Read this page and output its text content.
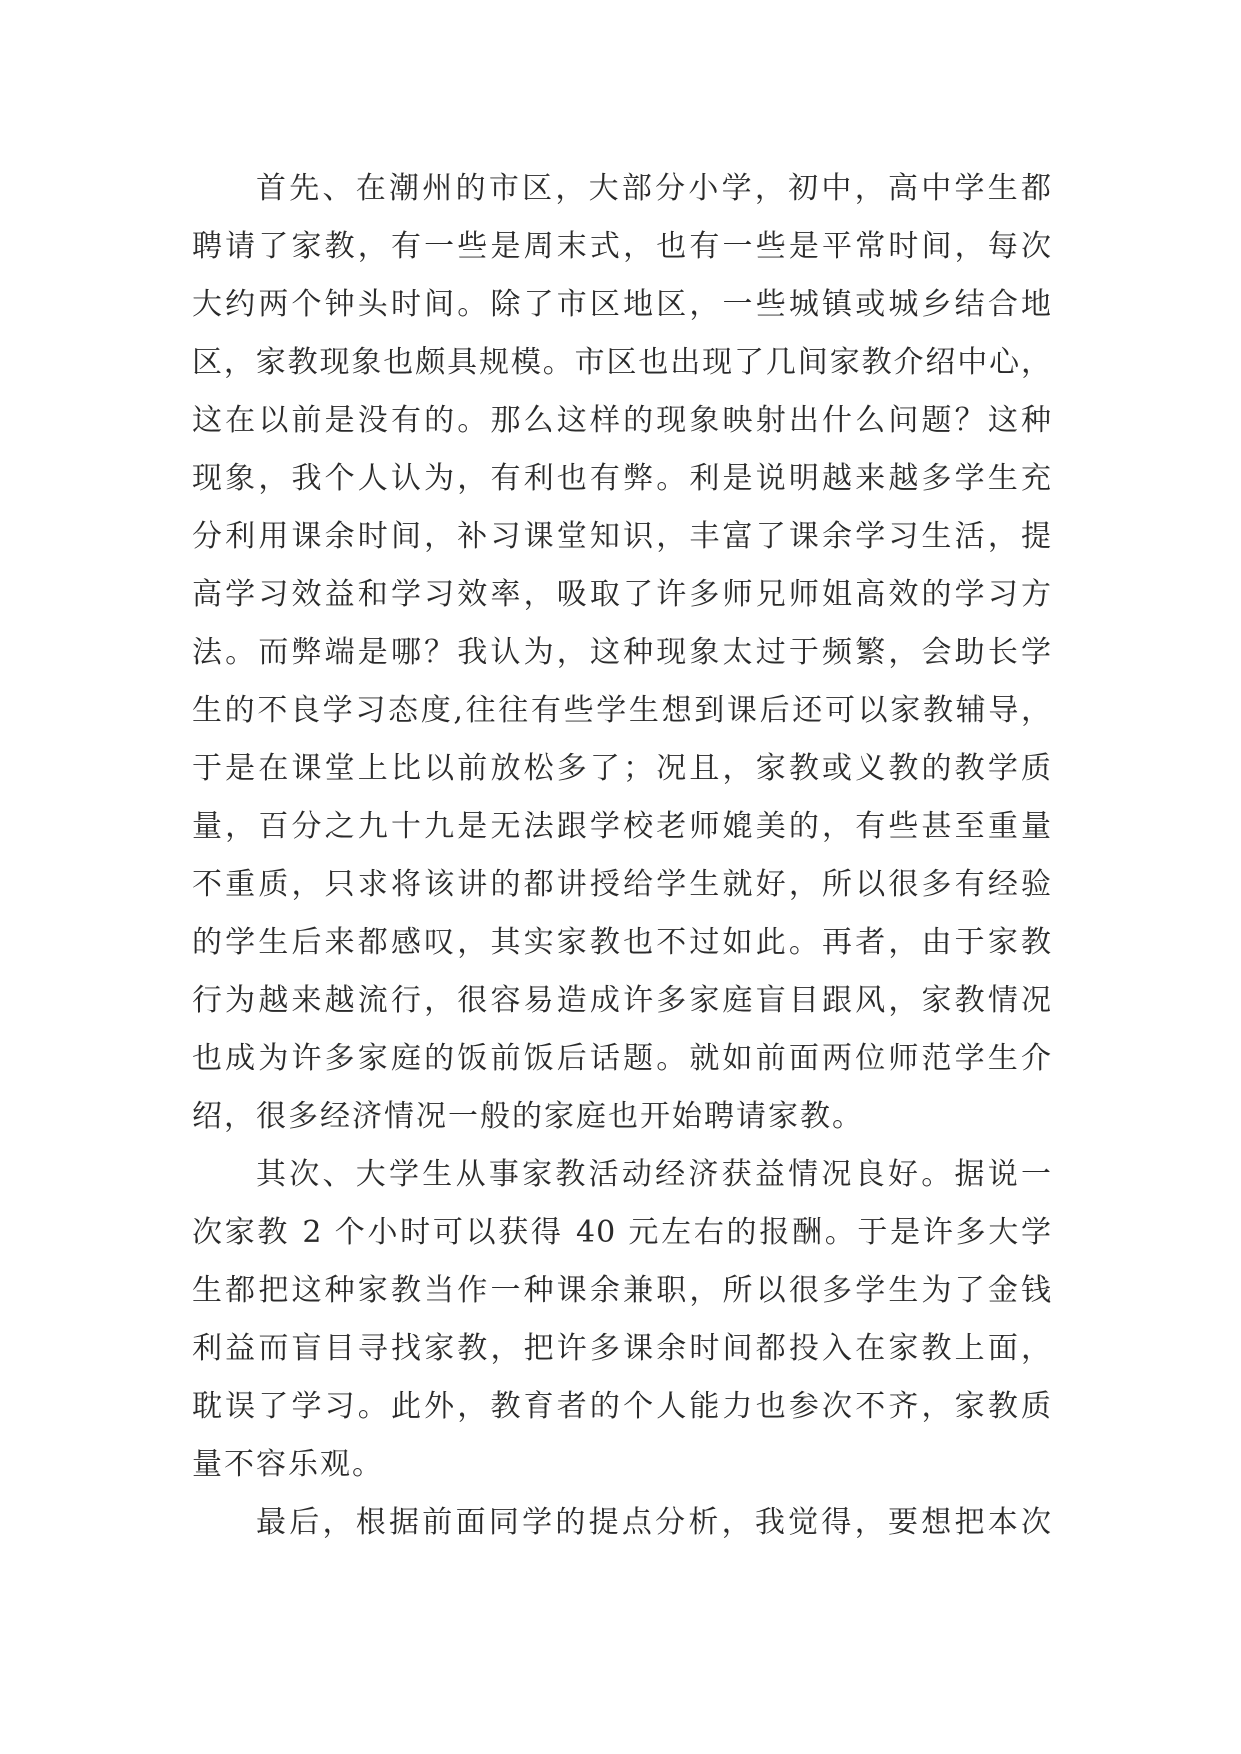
首先、在潮州的市区，大部分小学，初中，高中学生都
聘请了家教，有一些是周末式，也有一些是平常时间，每次
大约两个钟头时间。除了市区地区，一些城镇或城乡结合地
区，家教现象也颇具规模。市区也出现了几间家教介绍中心，
这在以前是没有的。那么这样的现象映射出什么问题？这种
现象，我个人认为，有利也有弊。利是说明越来越多学生充
分利用课余时间，补习课堂知识，丰富了课余学习生活，提
高学习效益和学习效率，吸取了许多师兄师姐高效的学习方
法。而弊端是哪？我认为，这种现象太过于频繁，会助长学
生的不良学习态度,往往有些学生想到课后还可以家教辅导，
于是在课堂上比以前放松多了；况且，家教或义教的教学质
量，百分之九十九是无法跟学校老师媲美的，有些甚至重量
不重质，只求将该讲的都讲授给学生就好，所以很多有经验
的学生后来都感叹，其实家教也不过如此。再者，由于家教
行为越来越流行，很容易造成许多家庭盲目跟风，家教情况
也成为许多家庭的饭前饭后话题。就如前面两位师范学生介
绍，很多经济情况一般的家庭也开始聘请家教。
其次、大学生从事家教活动经济获益情况良好。据说一
次家教 2 个小时可以获得 40 元左右的报酬。于是许多大学
生都把这种家教当作一种课余兼职，所以很多学生为了金钱
利益而盲目寻找家教，把许多课余时间都投入在家教上面，
耽误了学习。此外，教育者的个人能力也参次不齐，家教质
量不容乐观。
最后，根据前面同学的提点分析，我觉得，要想把本次
